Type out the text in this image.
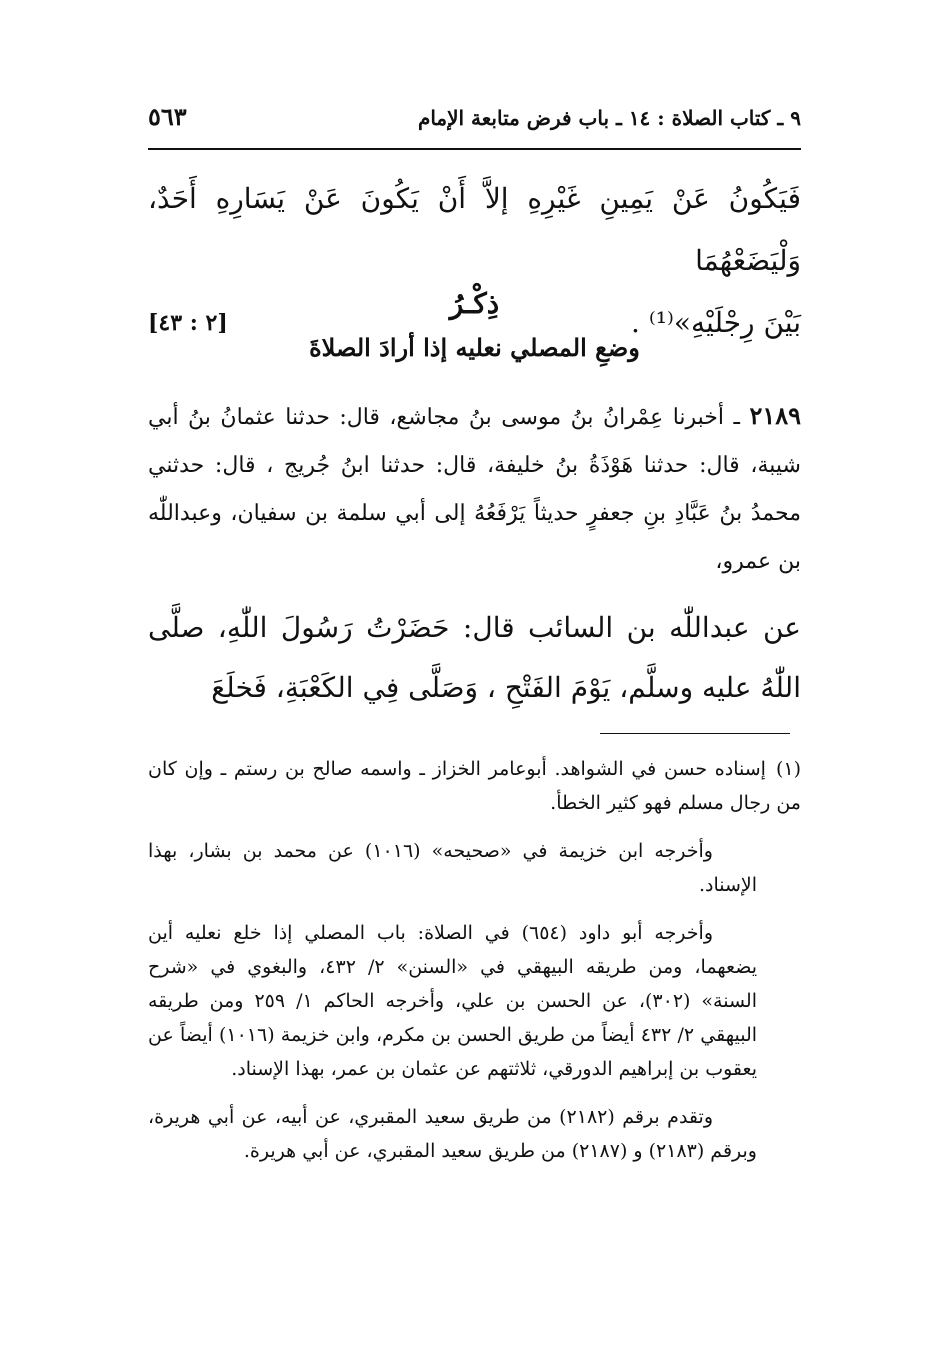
٩ ـ كتاب الصلاة : ١٤ ـ باب فرض متابعة الإمام
٥٦٣
فَيَكُونُ عَنْ يَمِينِ غَيْرِهِ إلاَّ أَنْ يَكُونَ عَنْ يَسَارِهِ أَحَدٌ، وَلْيَضَعْهُمَا
بَيْنَ رِجْلَيْهِ»⁽¹⁾ .
[٢ : ٤٣]
ذِكْـرُ
وضعِ المصلي نعليه إذا أرادَ الصلاةَ
٢١٨٩ ـ أخبرنا عِمْرانُ بنُ موسى بنُ مجاشع، قال: حدثنا عثمانُ بنُ أبي شيبة، قال: حدثنا هَوْذَةُ بنُ خليفة، قال: حدثنا ابنُ جُريج ، قال: حدثني محمدُ بنُ عَبَّادِ بنِ جعفرٍ حديثاً يَرْفَعُهُ إلى أبي سلمة بن سفيان، وعبداللّٰه بن عمرو،
عن عبداللّٰه بن السائب قال: حَضَرْتُ رَسُولَ اللّٰهِ، صلَّى اللّٰهُ عليه وسلَّم، يَوْمَ الفَتْحِ ، وَصَلَّى فِي الكَعْبَةِ، فَخلَعَ

(١)إسناده حسن في الشواهد. أبوعامر الخزاز ـ واسمه صالح بن رستم ـ وإن كان من رجال مسلم فهو كثير الخطأ.

وأخرجه ابن خزيمة في «صحيحه» (١٠١٦) عن محمد بن بشار، بهذا الإسناد.

وأخرجه أبو داود (٦٥٤) في الصلاة: باب المصلي إذا خلع نعليه أين يضعهما، ومن طريقه البيهقي في «السنن» ٢/ ٤٣٢، والبغوي في «شرح السنة» (٣٠٢)، عن الحسن بن علي، وأخرجه الحاكم ١/ ٢٥٩ ومن طريقه البيهقي ٢/ ٤٣٢ أيضاً من طريق الحسن بن مكرم، وابن خزيمة (١٠١٦) أيضاً عن يعقوب بن إبراهيم الدورقي، ثلاثتهم عن عثمان بن عمر، بهذا الإسناد.

وتقدم برقم (٢١٨٢) من طريق سعيد المقبري، عن أبيه، عن أبي هريرة، وبرقم (٢١٨٣) و (٢١٨٧) من طريق سعيد المقبري، عن أبي هريرة.
